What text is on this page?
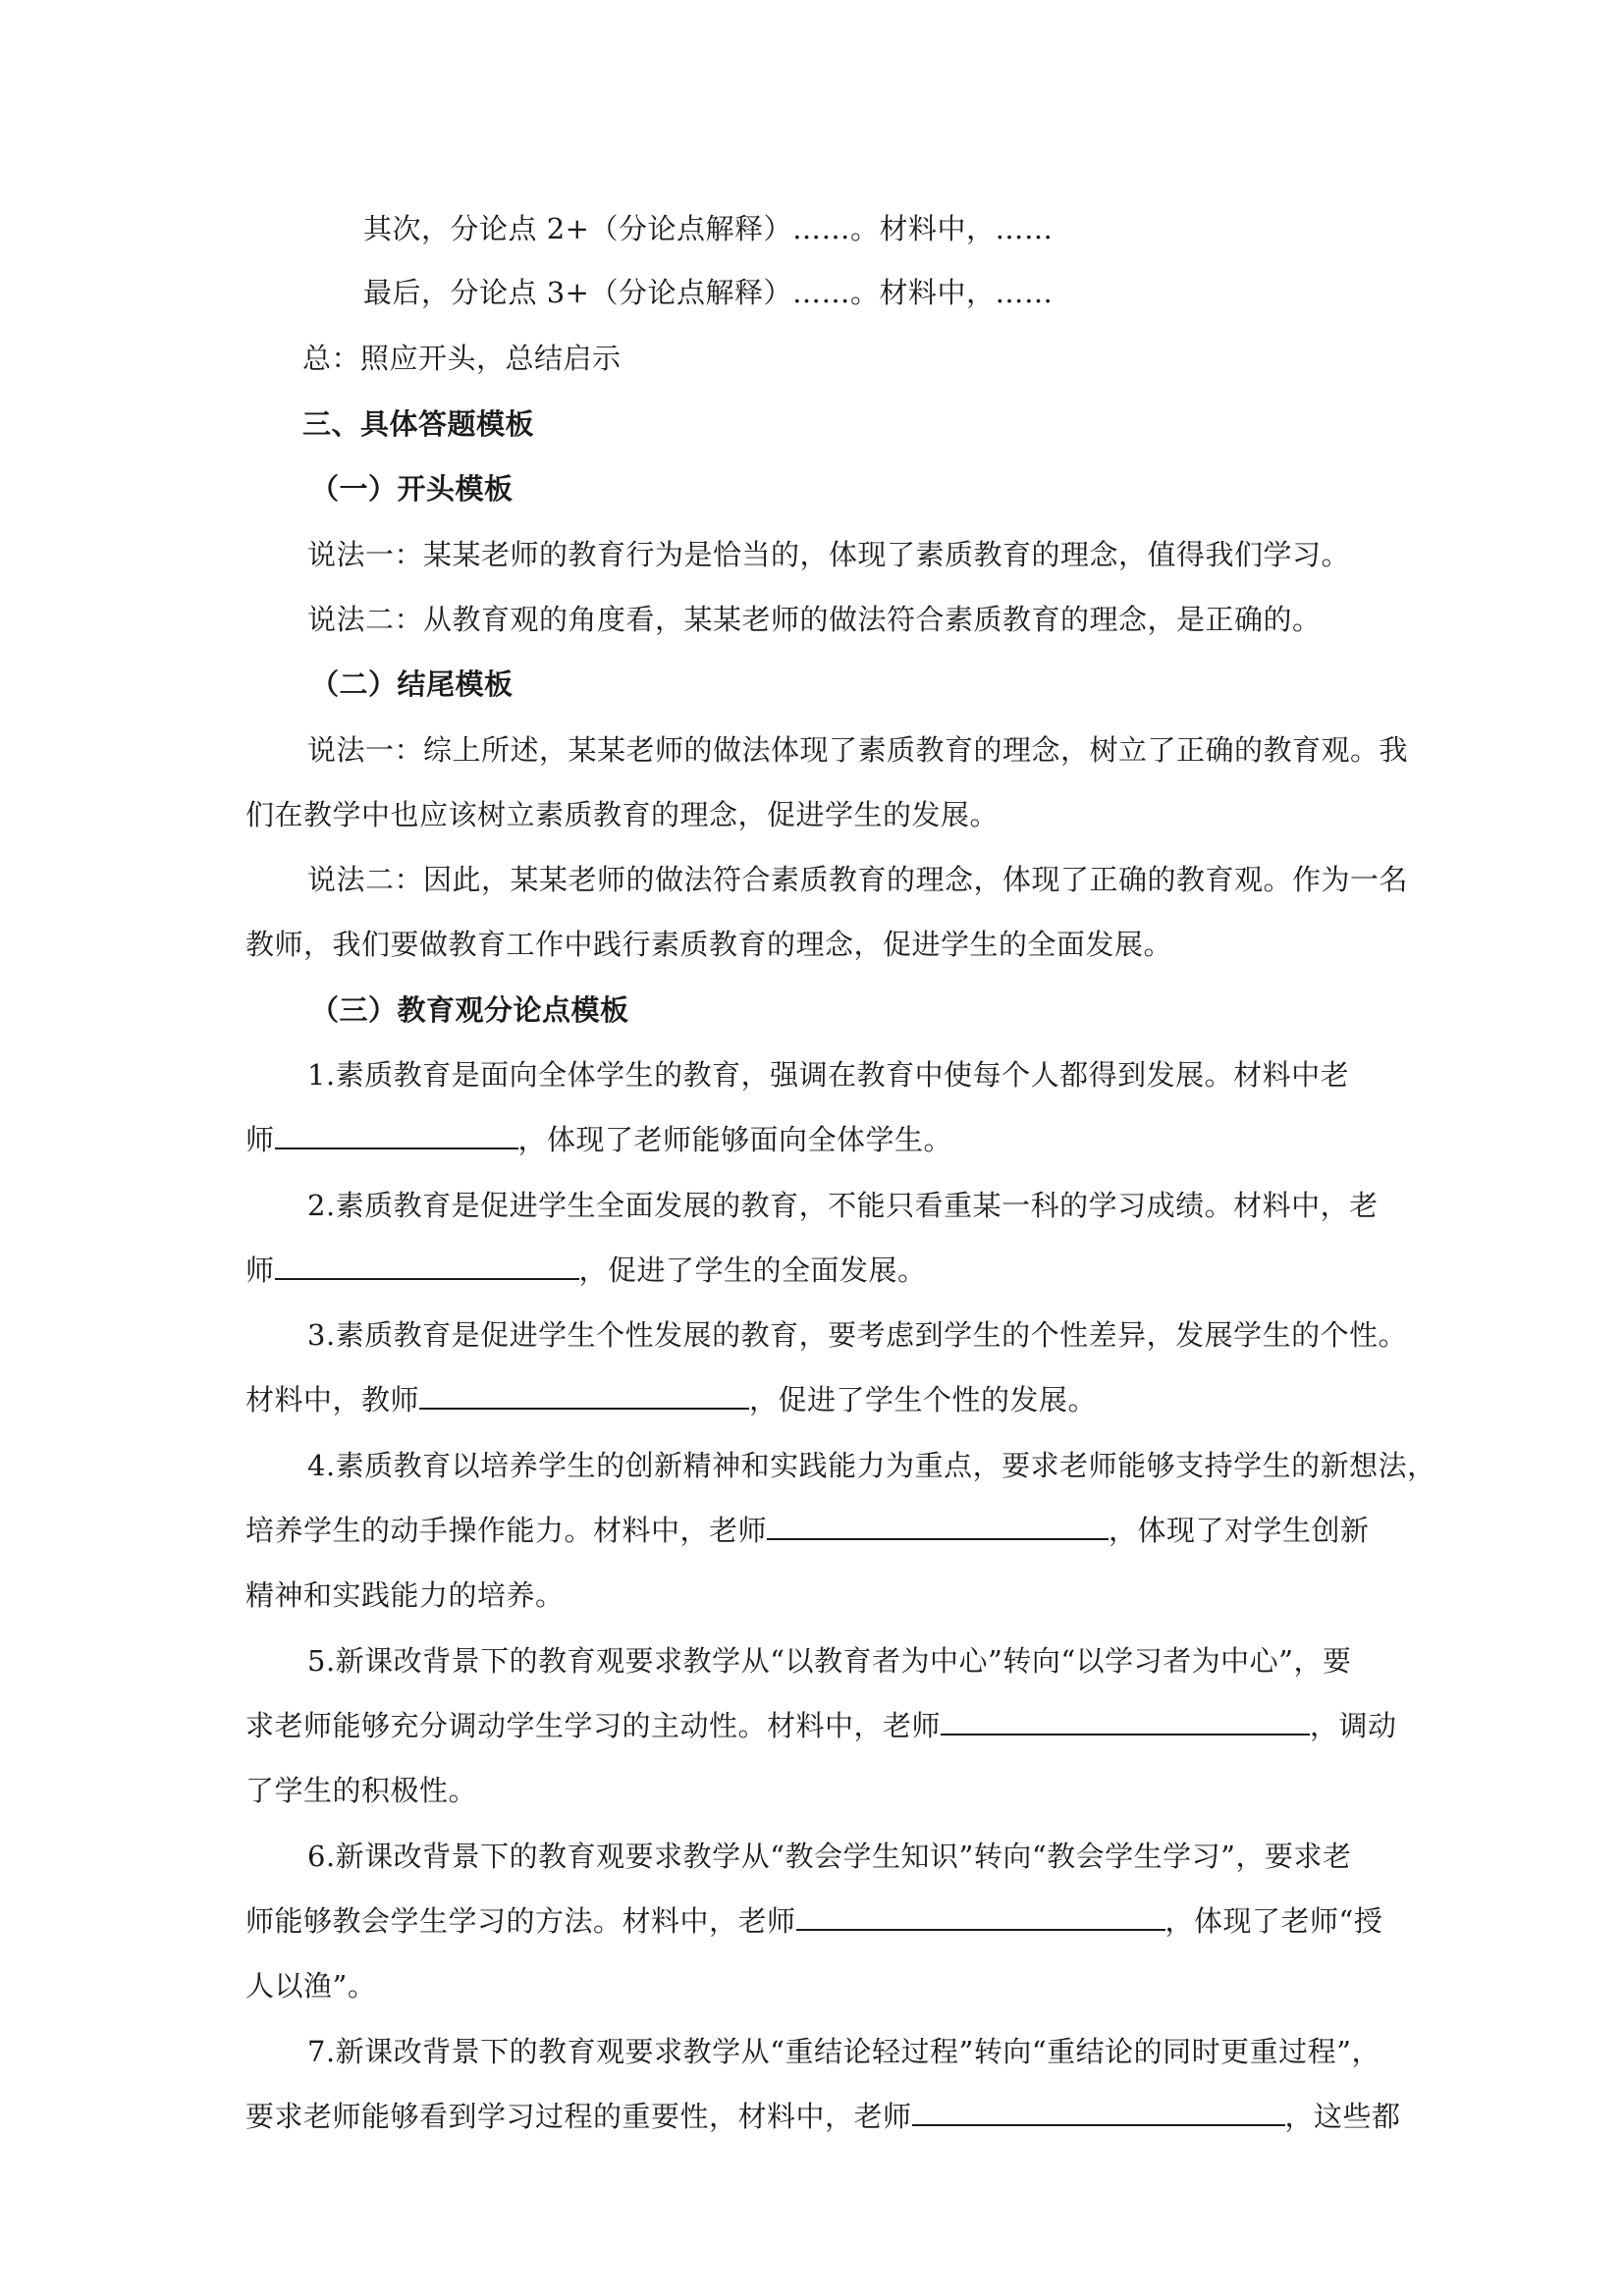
其次，分论点 2+（分论点解释）……。材料中，……
最后，分论点 3+（分论点解释）……。材料中，……
总：照应开头，总结启示
三、具体答题模板
（一）开头模板
说法一：某某老师的教育行为是恰当的，体现了素质教育的理念，值得我们学习。
说法二：从教育观的角度看，某某老师的做法符合素质教育的理念，是正确的。
（二）结尾模板
说法一：综上所述，某某老师的做法体现了素质教育的理念，树立了正确的教育观。我
们在教学中也应该树立素质教育的理念，促进学生的发展。
说法二：因此，某某老师的做法符合素质教育的理念，体现了正确的教育观。作为一名
教师，我们要做教育工作中践行素质教育的理念，促进学生的全面发展。
（三）教育观分论点模板
1.素质教育是面向全体学生的教育，强调在教育中使每个人都得到发展。材料中老
师	，体现了老师能够面向全体学生。
2.素质教育是促进学生全面发展的教育，不能只看重某一科的学习成绩。材料中，老
师	，促进了学生的全面发展。
3.素质教育是促进学生个性发展的教育，要考虑到学生的个性差异，发展学生的个性。
材料中，教师	，促进了学生个性的发展。
4.素质教育以培养学生的创新精神和实践能力为重点，要求老师能够支持学生的新想法，
培养学生的动手操作能力。材料中，老师	，体现了对学生创新
精神和实践能力的培养。
5.新课改背景下的教育观要求教学从“以教育者为中心”转向“以学习者为中心”，要
求老师能够充分调动学生学习的主动性。材料中，老师	，调动
了学生的积极性。
6.新课改背景下的教育观要求教学从“教会学生知识”转向“教会学生学习”，要求老
师能够教会学生学习的方法。材料中，老师	，体现了老师“授
人以渔”。
7.新课改背景下的教育观要求教学从“重结论轻过程”转向“重结论的同时更重过程”，
要求老师能够看到学习过程的重要性，材料中，老师	，这些都
